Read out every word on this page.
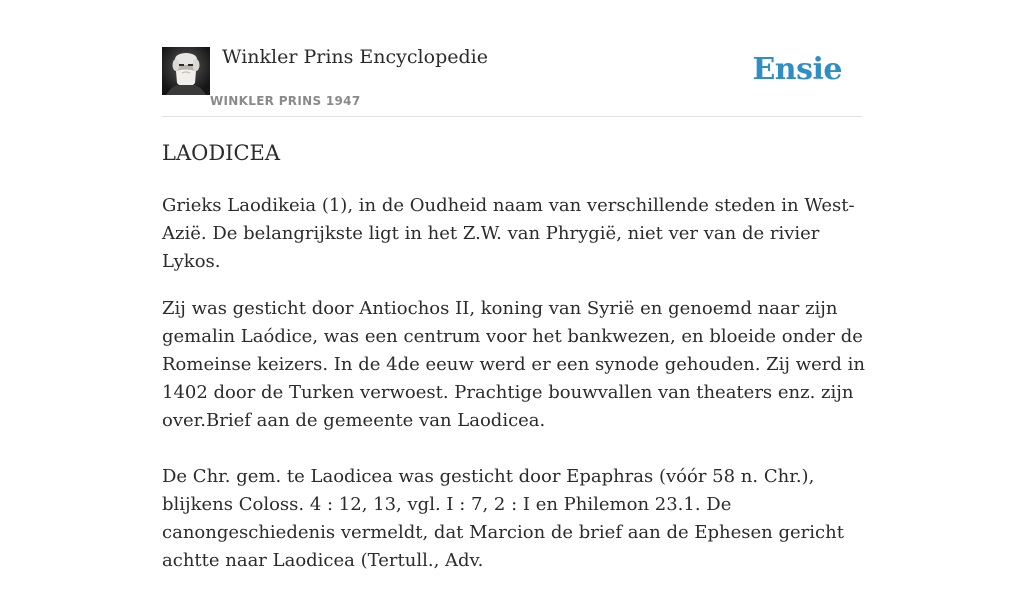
Winkler Prins Encyclopedie
WINKLER PRINS 1947
Ensie
LAODICEA

Grieks Laodikeia (1), in de Oudheid naam van verschillende steden in West-Azië. De belangrijkste ligt in het Z.W. van Phrygië, niet ver van de rivier Lykos.

Zij was gesticht door Antiochos II, koning van Syrië en genoemd naar zijn gemalin Laódice, was een centrum voor het bankwezen, en bloeide onder de Romeinse keizers. In de 4de eeuw werd er een synode gehouden. Zij werd in 1402 door de Turken verwoest. Prachtige bouwvallen van theaters enz. zijn over.Brief aan de gemeente van Laodicea.

De Chr. gem. te Laodicea was gesticht door Epaphras (vóór 58 n. Chr.), blijkens Coloss. 4 : 12, 13, vgl. I : 7, 2 : I en Philemon 23.1. De canongeschiedenis vermeldt, dat Marcion de brief aan de Ephesen gericht achtte naar Laodicea (Tertull., Adv.
